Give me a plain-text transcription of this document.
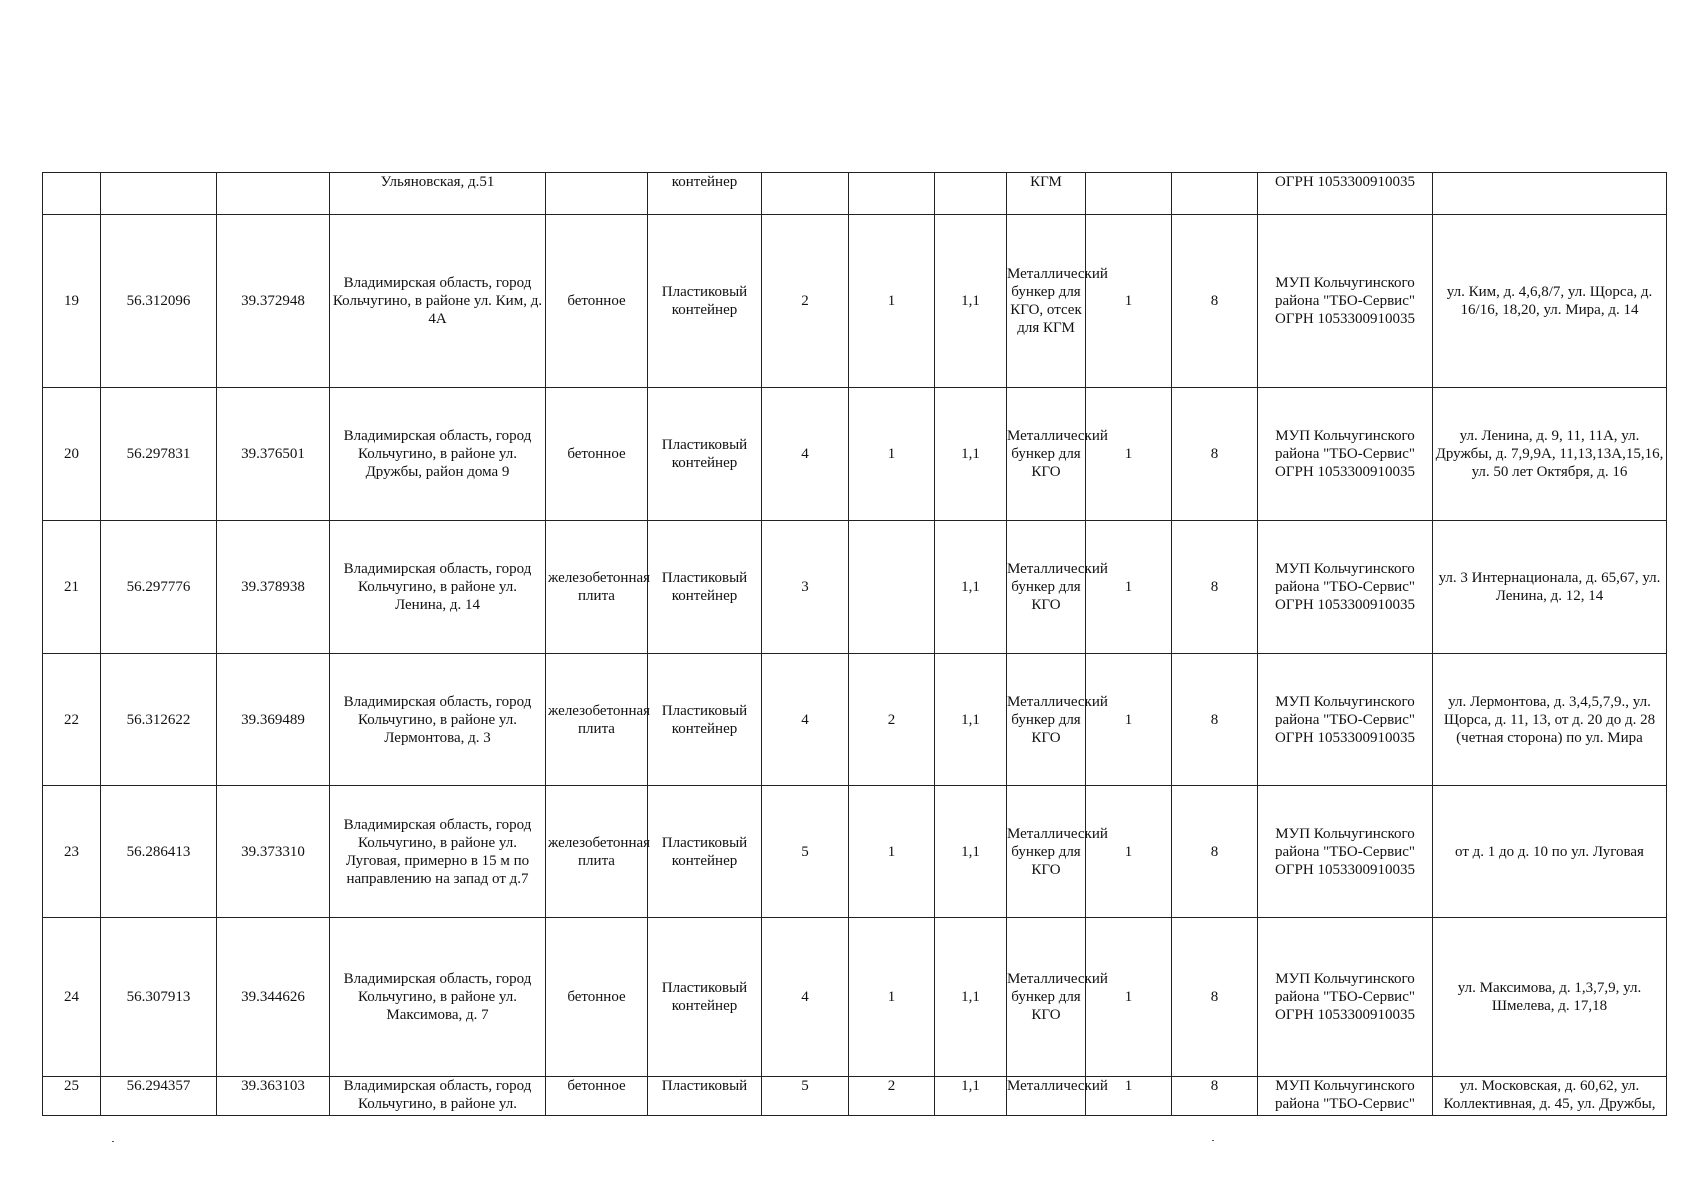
			Ульяновская, д.51		контейнер				КГМ			ОГРН 1053300910035	
19	56.312096	39.372948	Владимирская область, город Кольчугино, в районе ул. Ким, д. 4А	бетонное	Пластиковый контейнер	2	1	1,1	Металлический бункер для КГО, отсек для КГМ	1	8	МУП Кольчугинского района "ТБО-Сервис" ОГРН 1053300910035	ул. Ким, д. 4,6,8/7, ул. Щорса, д. 16/16, 18,20, ул. Мира, д. 14
20	56.297831	39.376501	Владимирская область, город Кольчугино, в районе ул. Дружбы, район дома 9	бетонное	Пластиковый контейнер	4	1	1,1	Металлический бункер для КГО	1	8	МУП Кольчугинского района "ТБО-Сервис" ОГРН 1053300910035	ул. Ленина, д. 9, 11, 11А, ул. Дружбы, д. 7,9,9А, 11,13,13А,15,16, ул. 50 лет Октября, д. 16
21	56.297776	39.378938	Владимирская область, город Кольчугино, в районе ул. Ленина, д. 14	железобетонная плита	Пластиковый контейнер	3		1,1	Металлический бункер для КГО	1	8	МУП Кольчугинского района "ТБО-Сервис" ОГРН 1053300910035	ул. 3 Интернационала, д. 65,67, ул. Ленина, д. 12, 14
22	56.312622	39.369489	Владимирская область, город Кольчугино, в районе ул. Лермонтова, д. 3	железобетонная плита	Пластиковый контейнер	4	2	1,1	Металлический бункер для КГО	1	8	МУП Кольчугинского района "ТБО-Сервис" ОГРН 1053300910035	ул. Лермонтова, д. 3,4,5,7,9., ул. Щорса, д. 11, 13, от д. 20 до д. 28 (четная сторона) по ул. Мира
23	56.286413	39.373310	Владимирская область, город Кольчугино, в районе ул. Луговая, примерно в 15 м по направлению на запад от д.7	железобетонная плита	Пластиковый контейнер	5	1	1,1	Металлический бункер для КГО	1	8	МУП Кольчугинского района "ТБО-Сервис" ОГРН 1053300910035	от д. 1 до д. 10 по ул. Луговая
24	56.307913	39.344626	Владимирская область, город Кольчугино, в районе ул. Максимова, д. 7	бетонное	Пластиковый контейнер	4	1	1,1	Металлический бункер для КГО	1	8	МУП Кольчугинского района "ТБО-Сервис" ОГРН 1053300910035	ул. Максимова, д. 1,3,7,9, ул. Шмелева, д. 17,18
25	56.294357	39.363103	Владимирская область, город Кольчугино, в районе ул.	бетонное	Пластиковый	5	2	1,1	Металлический	1	8	МУП Кольчугинского района "ТБО-Сервис"	ул. Московская, д. 60,62, ул. Коллективная, д. 45, ул. Дружбы,
